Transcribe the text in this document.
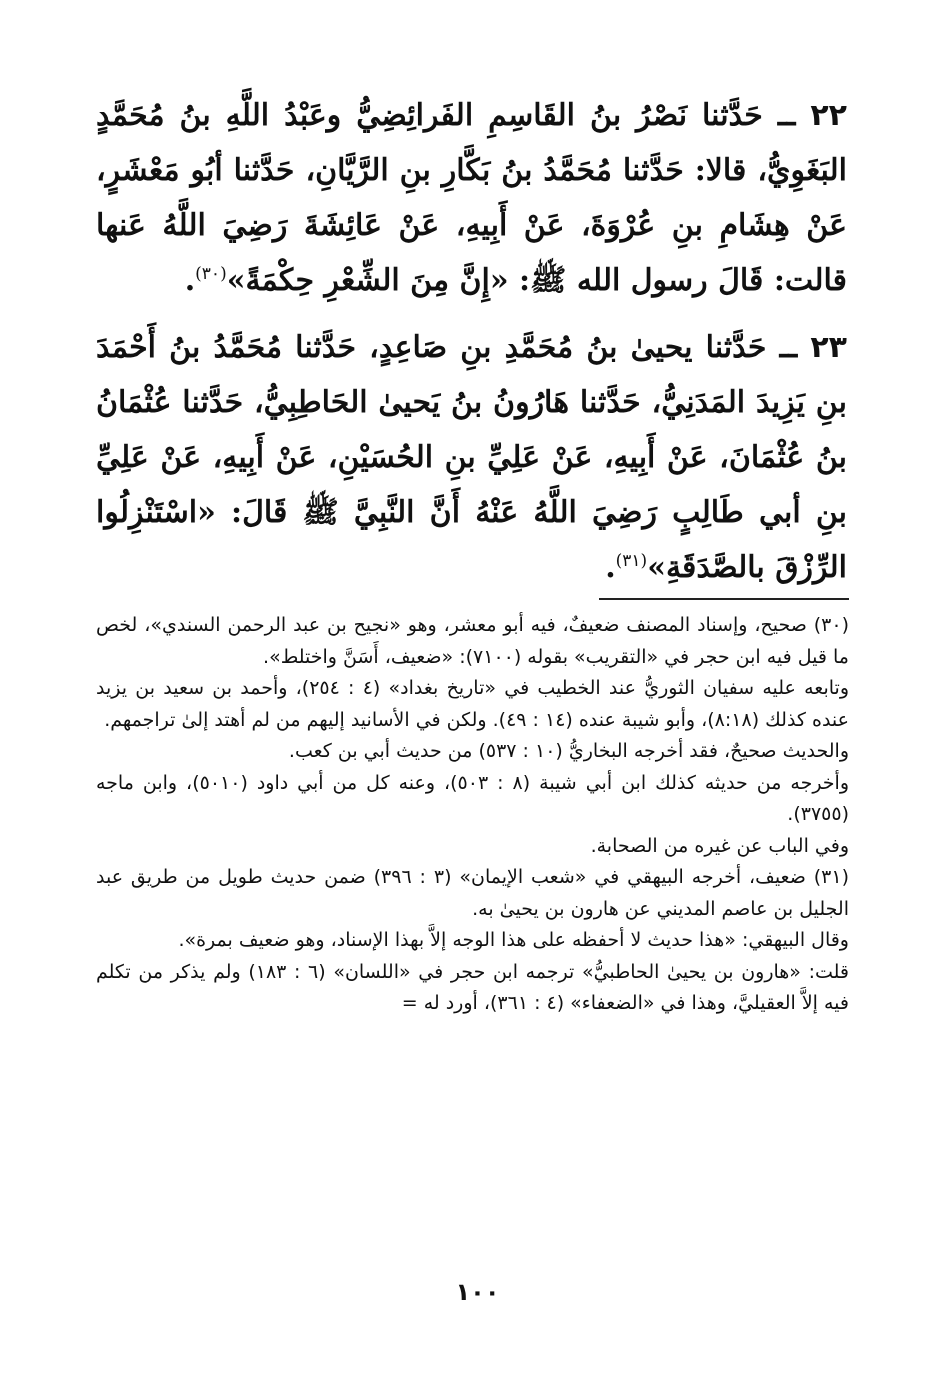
٢٢ ــ حَدَّثنا نَصْرُ بنُ القَاسِمِ الفَرائِضِيُّ وعَبْدُ اللَّهِ بنُ مُحَمَّدٍ البَغَوِيُّ، قالا: حَدَّثنا مُحَمَّدُ بنُ بَكَّارِ بنِ الرَّيَّانِ، حَدَّثنا أبُو مَعْشَرٍ، عَنْ هِشَامِ بنِ عُرْوَةَ، عَنْ أَبِيهِ، عَنْ عَائِشَةَ رَضِيَ اللَّهُ عَنها قالت: قَالَ رسول الله ﷺ: «إِنَّ مِنَ الشِّعْرِ حِكْمَةً»$^{(٣٠)}$.

٢٣ ــ حَدَّثنا يحيىٰ بنُ مُحَمَّدِ بنِ صَاعِدٍ، حَدَّثنا مُحَمَّدُ بنُ أَحْمَدَ بنِ يَزِيدَ المَدَنِيُّ، حَدَّثنا هَارُونُ بنُ يَحيىٰ الحَاطِبِيُّ، حَدَّثنا عُثْمَانُ بنُ عُثْمَانَ، عَنْ أَبِيهِ، عَنْ عَلِيِّ بنِ الحُسَيْنِ، عَنْ أَبِيهِ، عَنْ عَلِيِّ بنِ أبي طَالِبٍ رَضِيَ اللَّهُ عَنْهُ أَنَّ النَّبِيَّ ﷺ قَالَ: «اسْتَنْزِلُوا الرِّزْقَ بالصَّدَقَةِ»$^{(٣١)}$.

(٣٠) صحيح، وإسناد المصنف ضعيفٌ، فيه أبو معشر، وهو «نجيح بن عبد الرحمن السندي»، لخص ما قيل فيه ابن حجر في «التقريب» بقوله (٧١٠٠): «ضعيف، أَسَنَّ واختلط».

وتابعه عليه سفيان الثوريُّ عند الخطيب في «تاريخ بغداد» (٤ : ٢٥٤)، وأحمد بن سعيد بن يزيد عنده كذلك (٨:١٨)، وأبو شيبة عنده (١٤ : ٤٩). ولكن في الأسانيد إليهم من لم أهتد إلىٰ تراجمهم.

والحديث صحيحٌ، فقد أخرجه البخاريُّ (١٠ : ٥٣٧) من حديث أبي بن كعب.

وأخرجه من حديثه كذلك ابن أبي شيبة (٨ : ٥٠٣)، وعنه كل من أبي داود (٥٠١٠)، وابن ماجه (٣٧٥٥).

وفي الباب عن غيره من الصحابة.

(٣١) ضعيف، أخرجه البيهقي في «شعب الإيمان» (٣ : ٣٩٦) ضمن حديث طويل من طريق عبد الجليل بن عاصم المديني عن هارون بن يحيىٰ به.

وقال البيهقي: «هذا حديث لا أحفظه على هذا الوجه إلاَّ بهذا الإسناد، وهو ضعيف بمرة».

قلت: «هارون بن يحيىٰ الحاطبيُّ» ترجمه ابن حجر في «اللسان» (٦ : ١٨٣) ولم يذكر من تكلم فيه إلاَّ العقيليَّ، وهذا في «الضعفاء» (٤ : ٣٦١)، أورد له =

١٠٠
